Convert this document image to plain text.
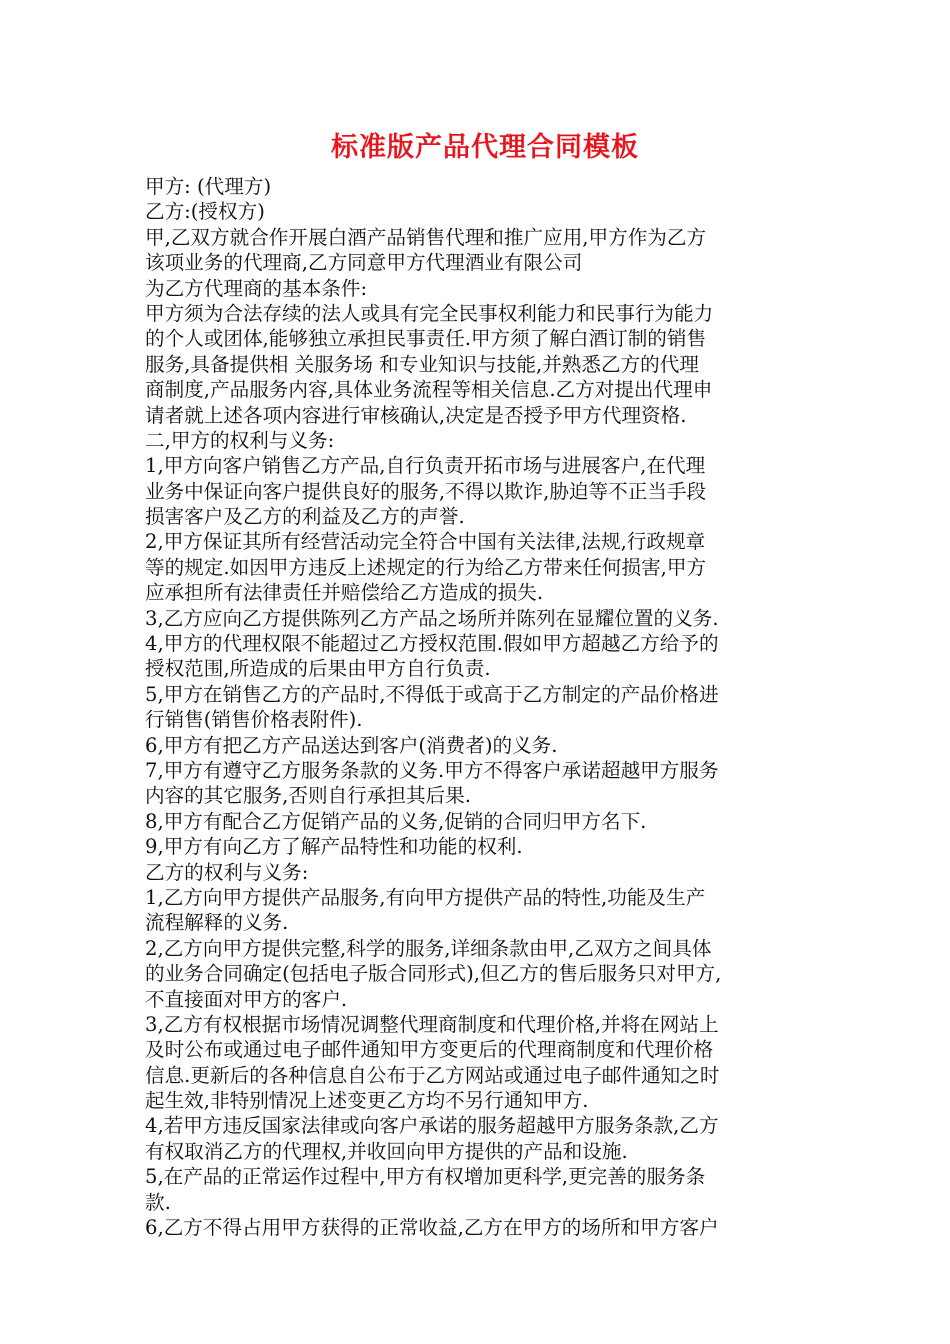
标准版产品代理合同模板
甲方: (代理方)
乙方:(授权方)
甲,乙双方就合作开展白酒产品销售代理和推广应用,甲方作为乙方
该项业务的代理商,乙方同意甲方代理酒业有限公司
为乙方代理商的基本条件:
甲方须为合法存续的法人或具有完全民事权利能力和民事行为能力
的个人或团体,能够独立承担民事责任.甲方须了解白酒订制的销售
服务,具备提供相 关服务场 和专业知识与技能,并熟悉乙方的代理
商制度,产品服务内容,具体业务流程等相关信息.乙方对提出代理申
请者就上述各项内容进行审核确认,决定是否授予甲方代理资格.
二,甲方的权利与义务:
1,甲方向客户销售乙方产品,自行负责开拓市场与进展客户,在代理
业务中保证向客户提供良好的服务,不得以欺诈,胁迫等不正当手段
损害客户及乙方的利益及乙方的声誉.
2,甲方保证其所有经营活动完全符合中国有关法律,法规,行政规章
等的规定.如因甲方违反上述规定的行为给乙方带来任何损害,甲方
应承担所有法律责任并赔偿给乙方造成的损失.
3,乙方应向乙方提供陈列乙方产品之场所并陈列在显耀位置的义务.
4,甲方的代理权限不能超过乙方授权范围.假如甲方超越乙方给予的
授权范围,所造成的后果由甲方自行负责.
5,甲方在销售乙方的产品时,不得低于或高于乙方制定的产品价格进
行销售(销售价格表附件).
6,甲方有把乙方产品送达到客户(消费者)的义务.
7,甲方有遵守乙方服务条款的义务.甲方不得客户承诺超越甲方服务
内容的其它服务,否则自行承担其后果.
8,甲方有配合乙方促销产品的义务,促销的合同归甲方名下.
9,甲方有向乙方了解产品特性和功能的权利.
乙方的权利与义务:
1,乙方向甲方提供产品服务,有向甲方提供产品的特性,功能及生产
流程解释的义务.
2,乙方向甲方提供完整,科学的服务,详细条款由甲,乙双方之间具体
的业务合同确定(包括电子版合同形式),但乙方的售后服务只对甲方,
不直接面对甲方的客户.
3,乙方有权根据市场情况调整代理商制度和代理价格,并将在网站上
及时公布或通过电子邮件通知甲方变更后的代理商制度和代理价格
信息.更新后的各种信息自公布于乙方网站或通过电子邮件通知之时
起生效,非特别情况上述变更乙方均不另行通知甲方.
4,若甲方违反国家法律或向客户承诺的服务超越甲方服务条款,乙方
有权取消乙方的代理权,并收回向甲方提供的产品和设施.
5,在产品的正常运作过程中,甲方有权增加更科学,更完善的服务条
款.
6,乙方不得占用甲方获得的正常收益,乙方在甲方的场所和甲方客户
